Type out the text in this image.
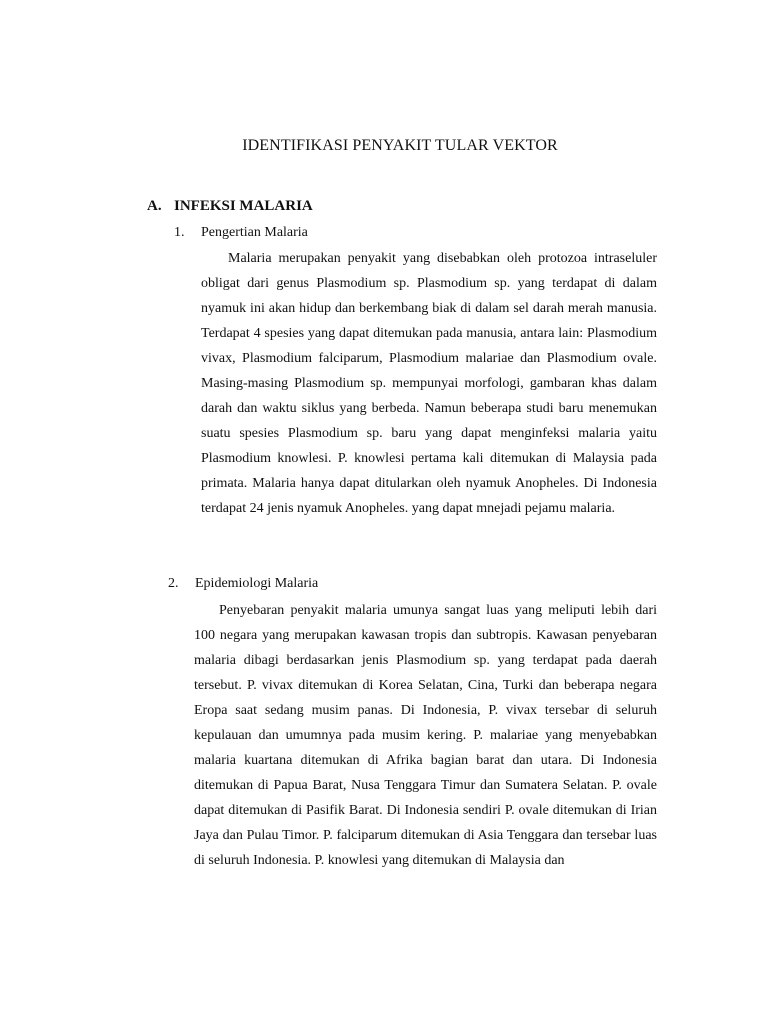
IDENTIFIKASI PENYAKIT TULAR VEKTOR
A. INFEKSI MALARIA
1. Pengertian Malaria
Malaria merupakan penyakit yang disebabkan oleh protozoa intraseluler obligat dari genus Plasmodium sp. Plasmodium sp. yang terdapat di dalam nyamuk ini akan hidup dan berkembang biak di dalam sel darah merah manusia. Terdapat 4 spesies yang dapat ditemukan pada manusia, antara lain: Plasmodium vivax, Plasmodium falciparum, Plasmodium malariae dan Plasmodium ovale. Masing-masing Plasmodium sp. mempunyai morfologi, gambaran khas dalam darah dan waktu siklus yang berbeda. Namun beberapa studi baru menemukan suatu spesies Plasmodium sp. baru yang dapat menginfeksi malaria yaitu Plasmodium knowlesi. P. knowlesi pertama kali ditemukan di Malaysia pada primata. Malaria hanya dapat ditularkan oleh nyamuk Anopheles. Di Indonesia terdapat 24 jenis nyamuk Anopheles. yang dapat mnejadi pejamu malaria.
2. Epidemiologi Malaria
Penyebaran penyakit malaria umunya sangat luas yang meliputi lebih dari 100 negara yang merupakan kawasan tropis dan subtropis. Kawasan penyebaran malaria dibagi berdasarkan jenis Plasmodium sp. yang terdapat pada daerah tersebut. P. vivax ditemukan di Korea Selatan, Cina, Turki dan beberapa negara Eropa saat sedang musim panas. Di Indonesia, P. vivax tersebar di seluruh kepulauan dan umumnya pada musim kering. P. malariae yang menyebabkan malaria kuartana ditemukan di Afrika bagian barat dan utara. Di Indonesia ditemukan di Papua Barat, Nusa Tenggara Timur dan Sumatera Selatan. P. ovale dapat ditemukan di Pasifik Barat. Di Indonesia sendiri P. ovale ditemukan di Irian Jaya dan Pulau Timor. P. falciparum ditemukan di Asia Tenggara dan tersebar luas di seluruh Indonesia. P. knowlesi yang ditemukan di Malaysia dan
